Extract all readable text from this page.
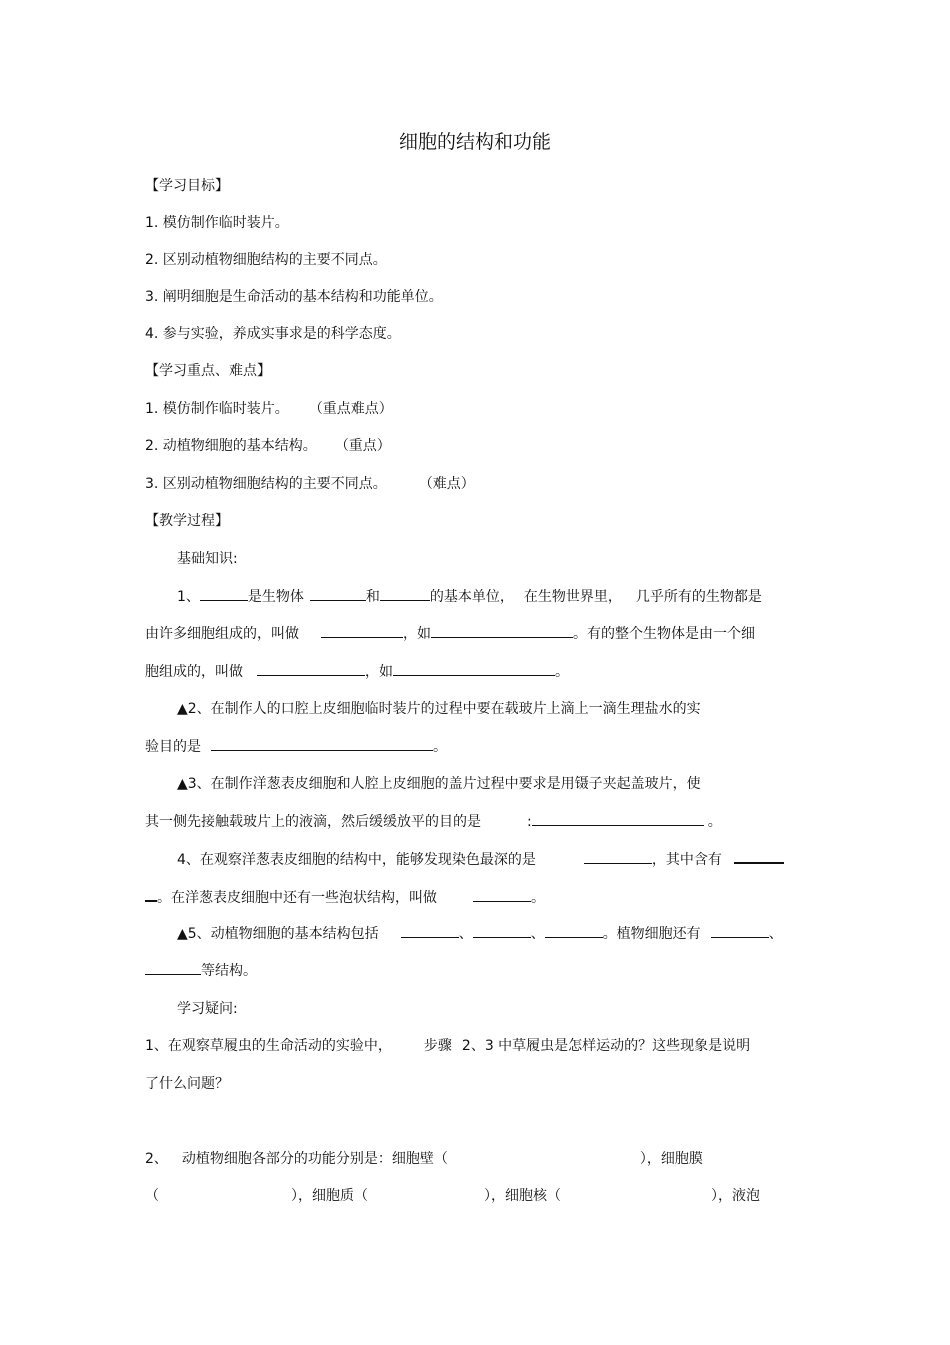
细胞的结构和功能
【学习目标】
1. 模仿制作临时装片。
2. 区别动植物细胞结构的主要不同点。
3. 阐明细胞是生命活动的基本结构和功能单位。
4. 参与实验，养成实事求是的科学态度。
【学习重点、难点】
1. 模仿制作临时装片。 （重点难点）
2. 动植物细胞的基本结构。 （重点）
3. 区别动植物细胞结构的主要不同点。 （难点）
【教学过程】
基础知识:
1、	是生物体	和	的基本单位， 在生物世界里， 几乎所有的生物都是
由许多细胞组成的，叫做	，如	。有的整个生物体是由一个细
胞组成的，叫做	，如	。
▲2、在制作人的口腔上皮细胞临时装片的过程中要在载玻片上滴上一滴生理盐水的实
验目的是	。
▲3、在制作洋葱表皮细胞和人腔上皮细胞的盖片过程中要求是用镊子夹起盖玻片，使
其一侧先接触载玻片上的液滴，然后缓缓放平的目的是	:	。
4、在观察洋葱表皮细胞的结构中，能够发现染色最深的是	，其中含有
。在洋葱表皮细胞中还有一些泡状结构，叫做	。
▲5、动植物细胞的基本结构包括	、	、	。植物细胞还有	、
等结构。
学习疑问:
1、在观察草履虫的生命活动的实验中， 步骤 2、3 中草履虫是怎样运动的？这些现象是说明
了什么问题？
2、 动植物细胞各部分的功能分别是：细胞壁（	），细胞膜
（	），细胞质（	），细胞核（	），液泡
